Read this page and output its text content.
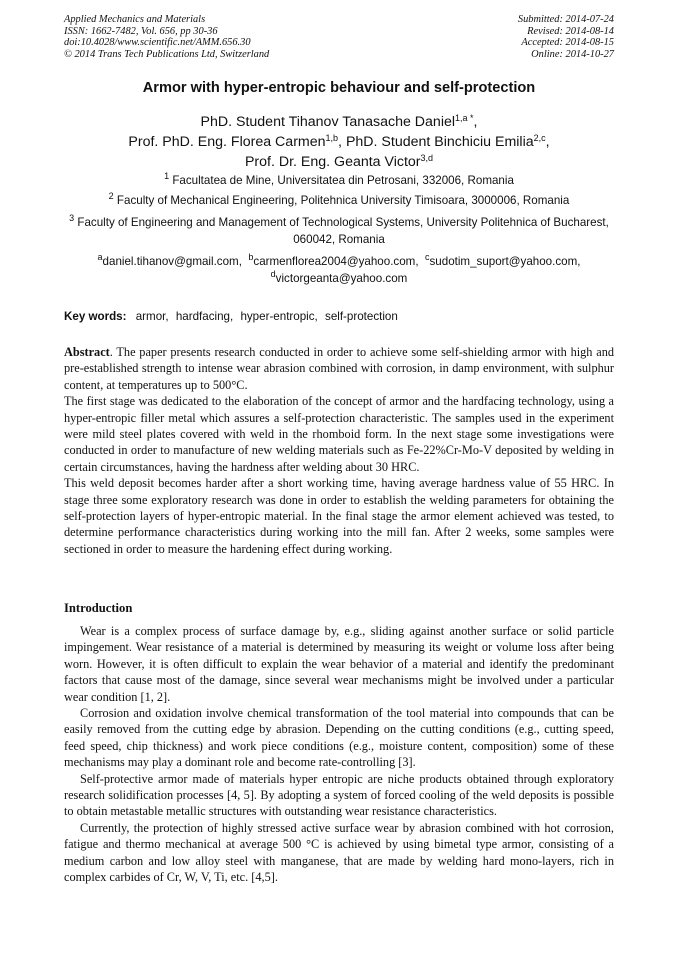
Applied Mechanics and Materials
ISSN: 1662-7482, Vol. 656, pp 30-36
doi:10.4028/www.scientific.net/AMM.656.30
© 2014 Trans Tech Publications Ltd, Switzerland
Submitted: 2014-07-24
Revised: 2014-08-14
Accepted: 2014-08-15
Online: 2014-10-27
Armor with hyper-entropic behaviour and self-protection
PhD. Student Tihanov Tanasache Daniel$^{1,a *}$,
Prof. PhD. Eng. Florea Carmen$^{1,b}$, PhD. Student Binchiciu Emilia$^{2,c}$,
Prof. Dr. Eng. Geanta Victor$^{3,d}$
$^1$ Facultatea de Mine, Universitatea din Petrosani, 332006, Romania
$^2$ Faculty of Mechanical Engineering, Politehnica University Timisoara, 3000006, Romania
$^3$ Faculty of Engineering and Management of Technological Systems, University Politehnica of Bucharest, 060042, Romania
$^a$daniel.tihanov@gmail.com, $^b$carmenflorea2004@yahoo.com, $^c$sudotim_suport@yahoo.com,
$^d$victorgeanta@yahoo.com
Key words: armor, hardfacing, hyper-entropic, self-protection

Abstract. The paper presents research conducted in order to achieve some self-shielding armor with high and pre-established strength to intense wear abrasion combined with corrosion, in damp environment, with sulphur content, at temperatures up to 500°C.

The first stage was dedicated to the elaboration of the concept of armor and the hardfacing technology, using a hyper-entropic filler metal which assures a self-protection characteristic. The samples used in the experiment were mild steel plates covered with weld in the rhomboid form. In the next stage some investigations were conducted in order to manufacture of new welding materials such as Fe-22%Cr-Mo-V deposited by welding in certain circumstances, having the hardness after welding about 30 HRC.

This weld deposit becomes harder after a short working time, having average hardness value of 55 HRC. In stage three some exploratory research was done in order to establish the welding parameters for obtaining the self-protection layers of hyper-entropic material. In the final stage the armor element achieved was tested, to determine performance characteristics during working into the mill fan. After 2 weeks, some samples were sectioned in order to measure the hardening effect during working.

Introduction

Wear is a complex process of surface damage by, e.g., sliding against another surface or solid particle impingement. Wear resistance of a material is determined by measuring its weight or volume loss after being worn. However, it is often difficult to explain the wear behavior of a material and identify the predominant factors that cause most of the damage, since several wear mechanisms might be involved under a particular wear condition [1, 2].

Corrosion and oxidation involve chemical transformation of the tool material into compounds that can be easily removed from the cutting edge by abrasion. Depending on the cutting conditions (e.g., cutting speed, feed speed, chip thickness) and work piece conditions (e.g., moisture content, composition) some of these mechanisms may play a dominant role and become rate-controlling [3].

Self-protective armor made of materials hyper entropic are niche products obtained through exploratory research solidification processes [4, 5]. By adopting a system of forced cooling of the weld deposits is possible to obtain metastable metallic structures with outstanding wear resistance characteristics.

Currently, the protection of highly stressed active surface wear by abrasion combined with hot corrosion, fatigue and thermo mechanical at average 500 °C is achieved by using bimetal type armor, consisting of a medium carbon and low alloy steel with manganese, that are made by welding hard mono-layers, rich in complex carbides of Cr, W, V, Ti, etc. [4,5].
